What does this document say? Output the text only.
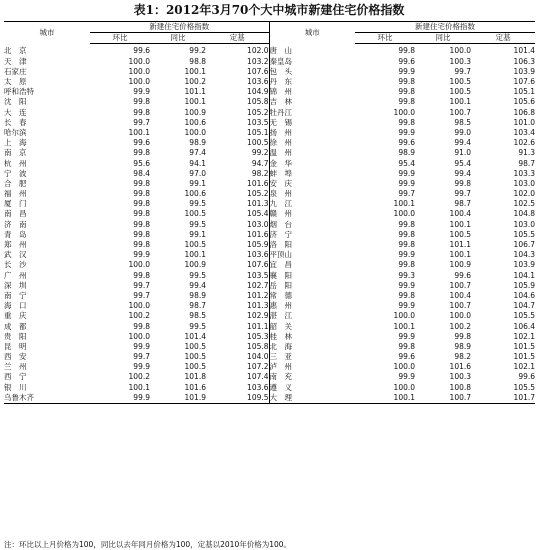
表1：2012年3月70个大中城市新建住宅价格指数
城市	新建住宅价格指数			城市	新建住宅价格指数		
	环比	同比	定基		环比	同比	定基
北　京	99.6	99.2	102.0	唐　山	99.8	100.0	101.4
天　津	100.0	98.8	103.2	秦皇岛	99.6	100.3	106.3
石家庄	100.0	100.1	107.6	包　头	99.9	99.7	103.9
太　原	100.0	100.2	103.6	丹　东	99.8	100.5	107.6
呼和浩特	99.9	101.1	104.9	锦　州	99.8	100.5	105.1
沈　阳	99.8	100.1	105.8	吉　林	99.8	100.1	105.6
大　连	99.8	100.9	105.2	牡丹江	100.0	100.7	106.8
长　春	99.7	100.6	103.5	无　锡	99.8	98.5	101.0
哈尔滨	100.1	100.0	105.1	扬　州	99.9	99.0	103.4
上　海	99.6	98.9	100.5	徐　州	99.6	99.4	102.6
南　京	99.8	97.4	99.2	温　州	98.9	91.0	91.3
杭　州	95.6	94.1	94.7	金　华	95.4	95.4	98.7
宁　波	98.4	97.0	98.2	蚌　埠	99.9	99.4	103.3
合　肥	99.8	99.1	101.6	安　庆	99.9	99.8	103.0
福　州	99.8	100.6	105.2	泉　州	99.7	99.7	102.0
厦　门	99.8	99.5	101.3	九　江	100.1	98.7	102.5
南　昌	99.8	100.5	105.4	赣　州	100.0	100.4	104.8
济　南	99.8	99.5	103.0	烟　台	99.8	100.1	103.0
青　岛	99.8	99.1	101.6	济　宁	99.8	100.5	105.5
郑　州	99.8	100.5	105.9	洛　阳	99.8	101.1	106.7
武　汉	99.9	100.1	103.6	平顶山	99.9	100.1	104.3
长　沙	100.0	100.9	107.6	宜　昌	99.8	100.9	103.9
广　州	99.8	99.5	103.5	襄　阳	99.3	99.6	104.1
深　圳	99.7	99.4	102.7	岳　阳	99.9	100.7	105.9
南　宁	99.7	98.9	101.2	常　德	99.8	100.4	104.6
海　口	100.0	98.7	101.3	惠　州	99.9	100.7	104.7
重　庆	100.2	98.5	102.9	湛　江	100.0	100.0	105.5
成　都	99.8	99.5	101.1	韶　关	100.1	100.2	106.4
贵　阳	100.0	101.4	105.3	桂　林	99.9	99.8	102.1
昆　明	99.9	100.5	105.8	北　海	99.8	98.9	101.5
西　安	99.7	100.5	104.0	三　亚	99.6	98.2	101.5
兰　州	99.9	100.5	107.2	泸　州	100.0	101.6	102.1
西　宁	100.2	101.8	107.4	南　充	99.9	100.3	99.6
银　川	100.1	101.6	103.6	遵　义	100.0	100.8	105.5
乌鲁木齐	99.9	101.9	109.5	大　理	100.1	100.7	101.7
注：环比以上月价格为100，同比以去年同月价格为100，定基以2010年价格为100。
